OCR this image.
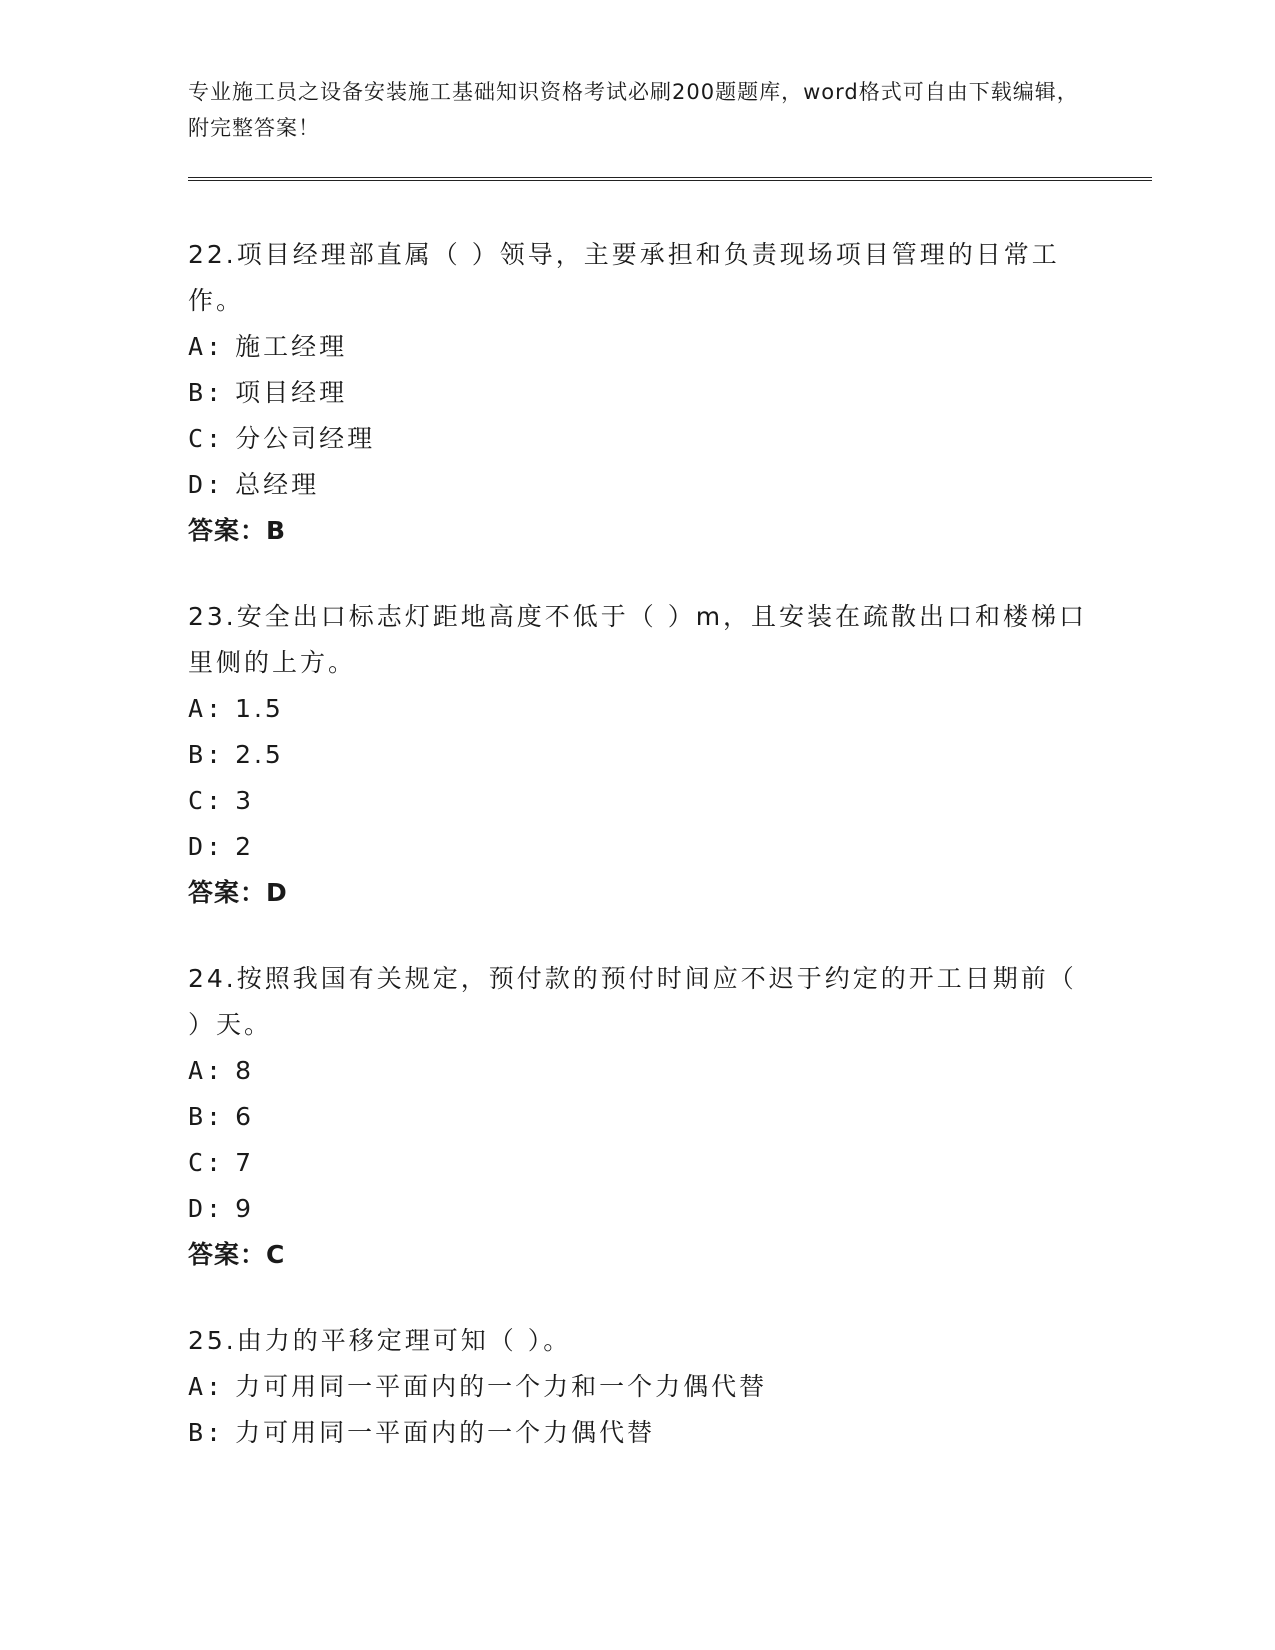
专业施工员之设备安装施工基础知识资格考试必刷200题题库，word格式可自由下载编辑，附完整答案！
22.项目经理部直属（ ）领导，主要承担和负责现场项目管理的日常工作。
A: 施工经理
B: 项目经理
C: 分公司经理
D: 总经理
答案：B
23.安全出口标志灯距地高度不低于（ ）m，且安装在疏散出口和楼梯口里侧的上方。
A: 1.5
B: 2.5
C: 3
D: 2
答案：D
24.按照我国有关规定，预付款的预付时间应不迟于约定的开工日期前（ ）天。
A: 8
B: 6
C: 7
D: 9
答案：C
25.由力的平移定理可知（ ）。
A: 力可用同一平面内的一个力和一个力偶代替
B: 力可用同一平面内的一个力偶代替
